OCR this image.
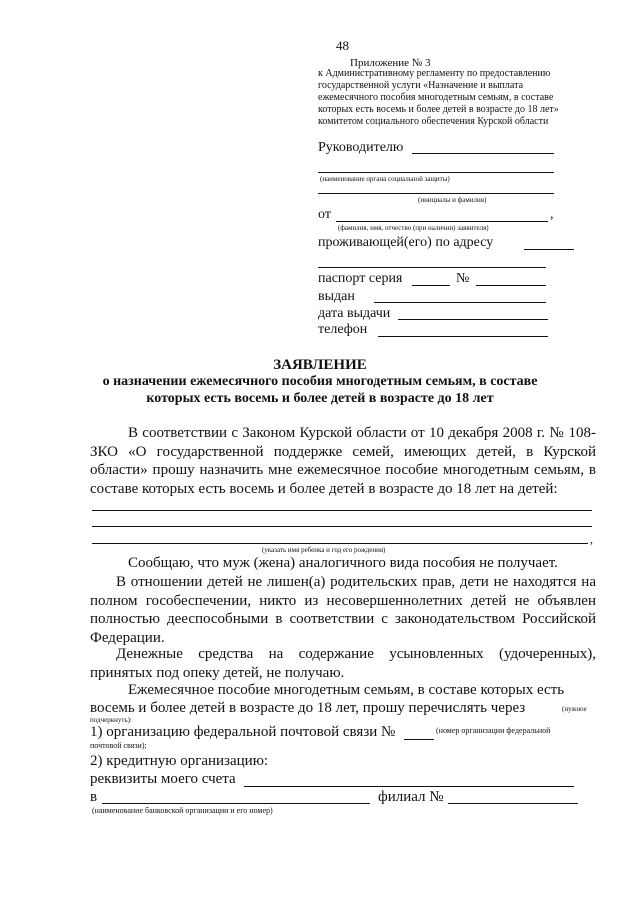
48
Приложение № 3
к Административному регламенту по предоставлению
государственной услуги «Назначение и выплата
ежемесячного пособия многодетным семьям, в составе
которых есть восемь и более детей в возрасте до 18 лет»
комитетом социального обеспечения Курской области
Руководителю
(наименование органа социальной защиты)
(инициалы и фамилия)
от	,
(фамилия, имя, отчество (при наличии) заявителя)
проживающей(его) по адресу
паспорт серия	№
выдан
дата выдачи
телефон
ЗАЯВЛЕНИЕ
о назначении ежемесячного пособия многодетным семьям, в составе
которых есть восемь и более детей в возрасте до 18 лет
В соответствии с Законом Курской области от 10 декабря 2008 г. № 108-ЗКО «О государственной поддержке семей, имеющих детей, в Курской области» прошу назначить мне ежемесячное пособие многодетным семьям, в составе которых есть восемь и более детей в возрасте до 18 лет на детей:
,
(указать имя ребенка и год его рождения)
Сообщаю, что муж (жена) аналогичного вида пособия не получает.
В отношении детей не лишен(а) родительских прав, дети не находятся на полном гособеспечении, никто из несовершеннолетних детей не объявлен полностью дееспособными в соответствии с законодательством Российской Федерации.
Денежные средства на содержание усыновленных (удочеренных), принятых под опеку детей, не получаю.
Ежемесячное пособие многодетным семьям, в составе которых есть
восемь и более детей в возрасте до 18 лет, прошу перечислять через	(нужное
подчеркнуть):
1) организацию федеральной почтовой связи №	(номер организации федеральной
почтовой связи);
2) кредитную организацию:
реквизиты моего счета
в	филиал №
(наименование банковской организации и его номер)
